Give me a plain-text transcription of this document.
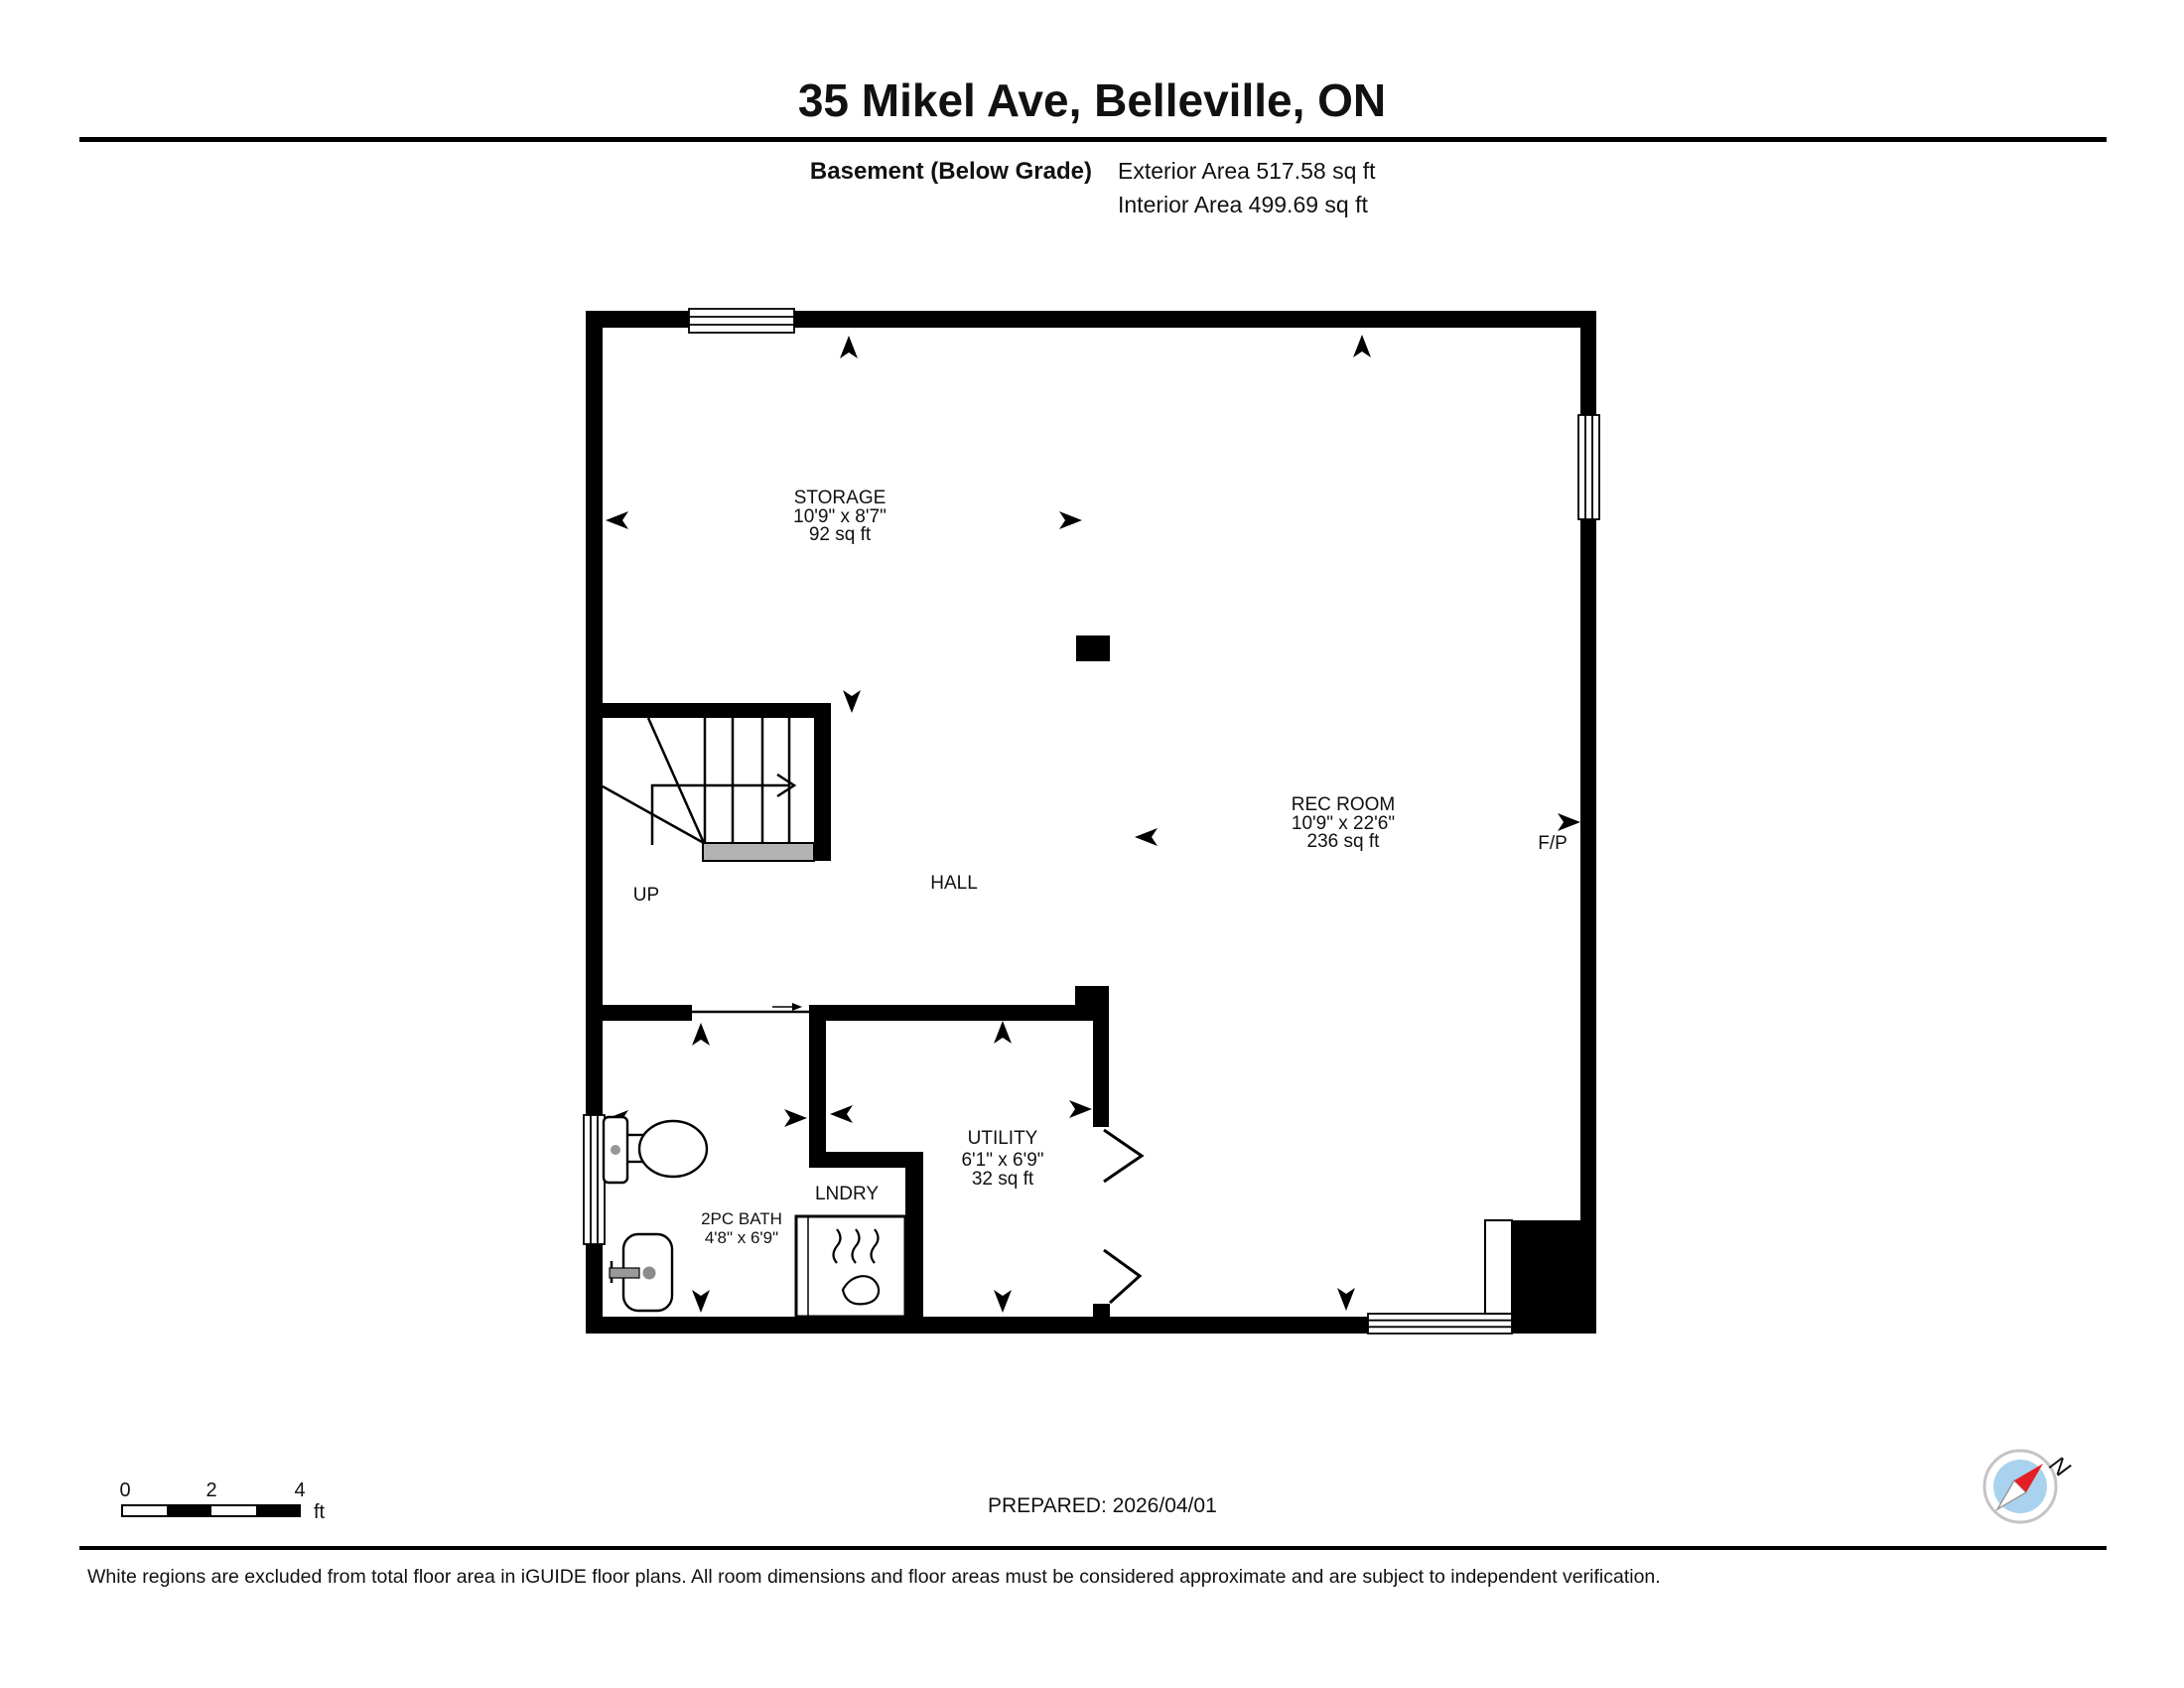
35 Mikel Ave, Belleville, ON
Basement (Below Grade) Exterior Area 517.58 sq ft
Interior Area 499.69 sq ft
STORAGE
10'9" x 8'7"
92 sq ft
REC ROOM
10'9" x 22'6"
236 sq ft	F/P
HALL
UP
2PC BATH
4'8" x 6'9"
LNDRY
UTILITY
6'1" x 6'9"
32 sq ft
0	2	4
ft	PREPARED: 2026/04/01
N
White regions are excluded from total floor area in iGUIDE floor plans. All room dimensions and floor areas must be considered approximate and are subject to independent verification.
